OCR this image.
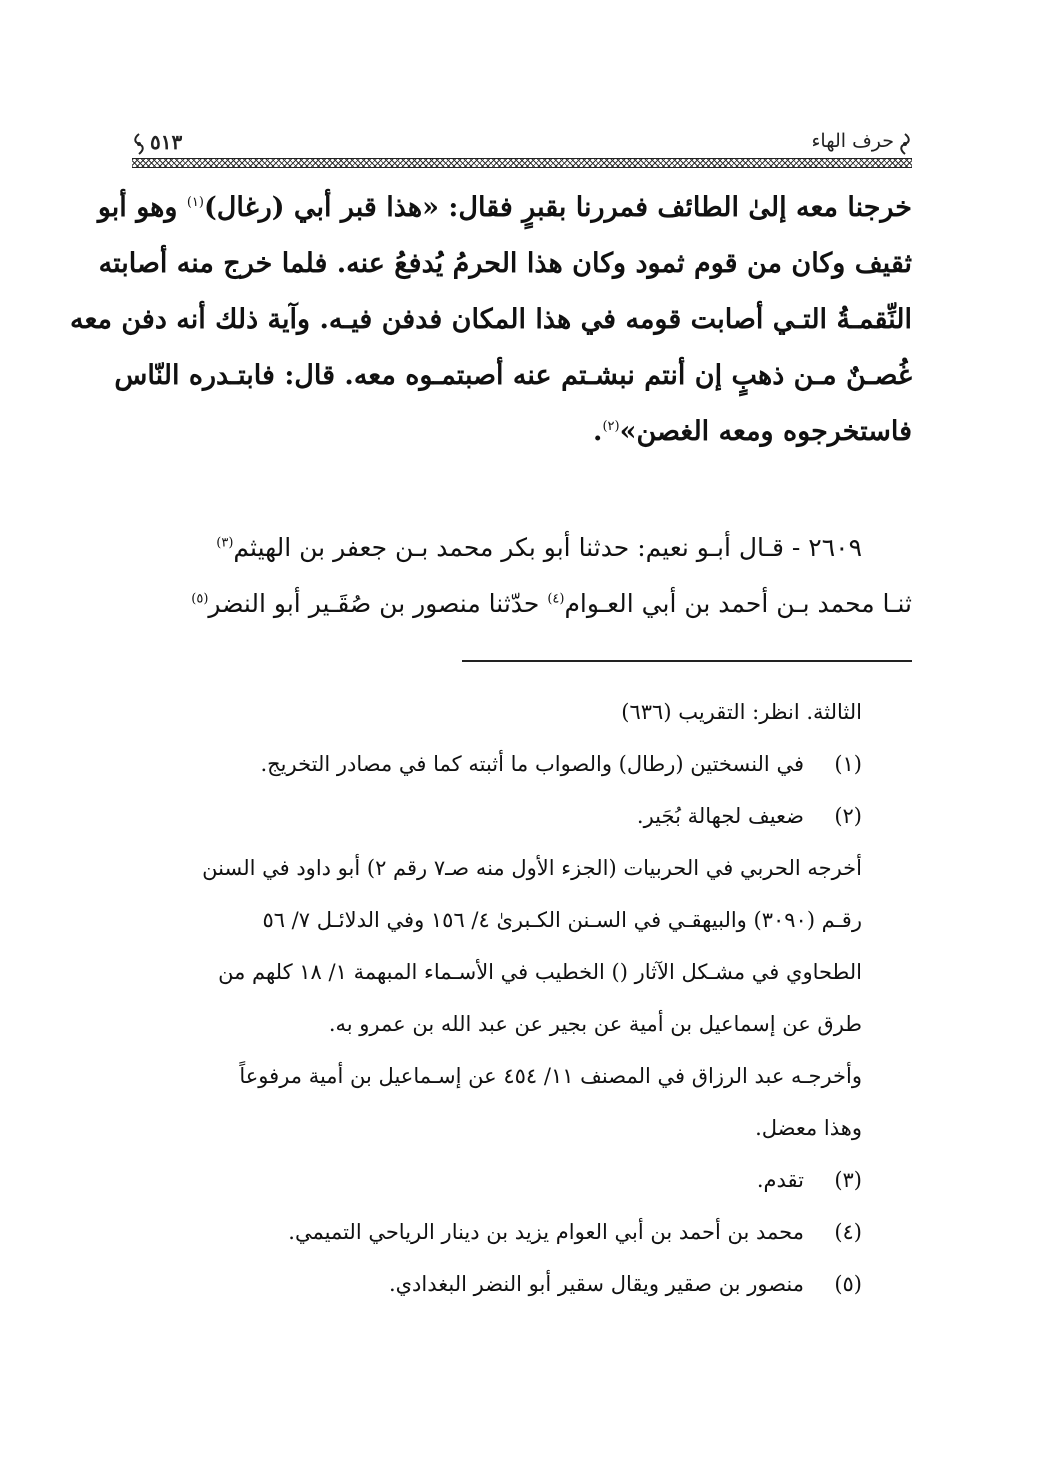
حرف الهاء
٥١٣
خرجنا معه إلىٰ الطائف فمررنا بقبرٍ فقال: «هذا قبر أبي (رغال)$^{(١)}$ وهو أبو
ثقيف وكان من قوم ثمود وكان هذا الحرمُ يُدفعُ عنه. فلما خرج منه أصابته
النِّقمـةُ التـي أصابت قومه في هذا المكان فدفن فيـه. وآية ذلك أنه دفن معه
غُصـنٌ مـن ذهبٍ إن أنتم نبشـتم عنه أصبتمـوه معه. قال: فابتـدره النّاس
فاستخرجوه ومعه الغصن»$^{(٢)}$.
٢٦٠٩ - قـال أبـو نعيم: حدثنا أبو بكر محمد بـن جعفر بن الهيثم$^{(٣)}$
ثنـا محمد بـن أحمد بن أبي العـوام$^{(٤)}$ حدّثنا منصور بن صُقَـير أبو النضر$^{(٥)}$
الثالثة. انظر: التقريب (٦٣٦)
(١)
في النسختين (رطال) والصواب ما أثبته كما في مصادر التخريج.
(٢)
ضعيف لجهالة بُجَير.
أخرجه الحربي في الحربيات (الجزء الأول منه صـ٧ رقم ٢) أبو داود في السنن
رقـم (٣٠٩٠) والبيهقـي في السـنن الكـبرىٰ ٤/ ١٥٦ وفي الدلائـل ٧/ ٥٦
الطحاوي في مشـكل الآثار () الخطيب في الأسـماء المبهمة ١/ ١٨ كلهم من
طرق عن إسماعيل بن أمية عن بجير عن عبد الله بن عمرو به.
وأخرجـه عبد الرزاق في المصنف ١١/ ٤٥٤ عن إسـماعيل بن أمية مرفوعاً
وهذا معضل.
(٣)
تقدم.
(٤)
محمد بن أحمد بن أبي العوام يزيد بن دينار الرياحي التميمي.
(٥)
منصور بن صقير ويقال سقير أبو النضر البغدادي.
